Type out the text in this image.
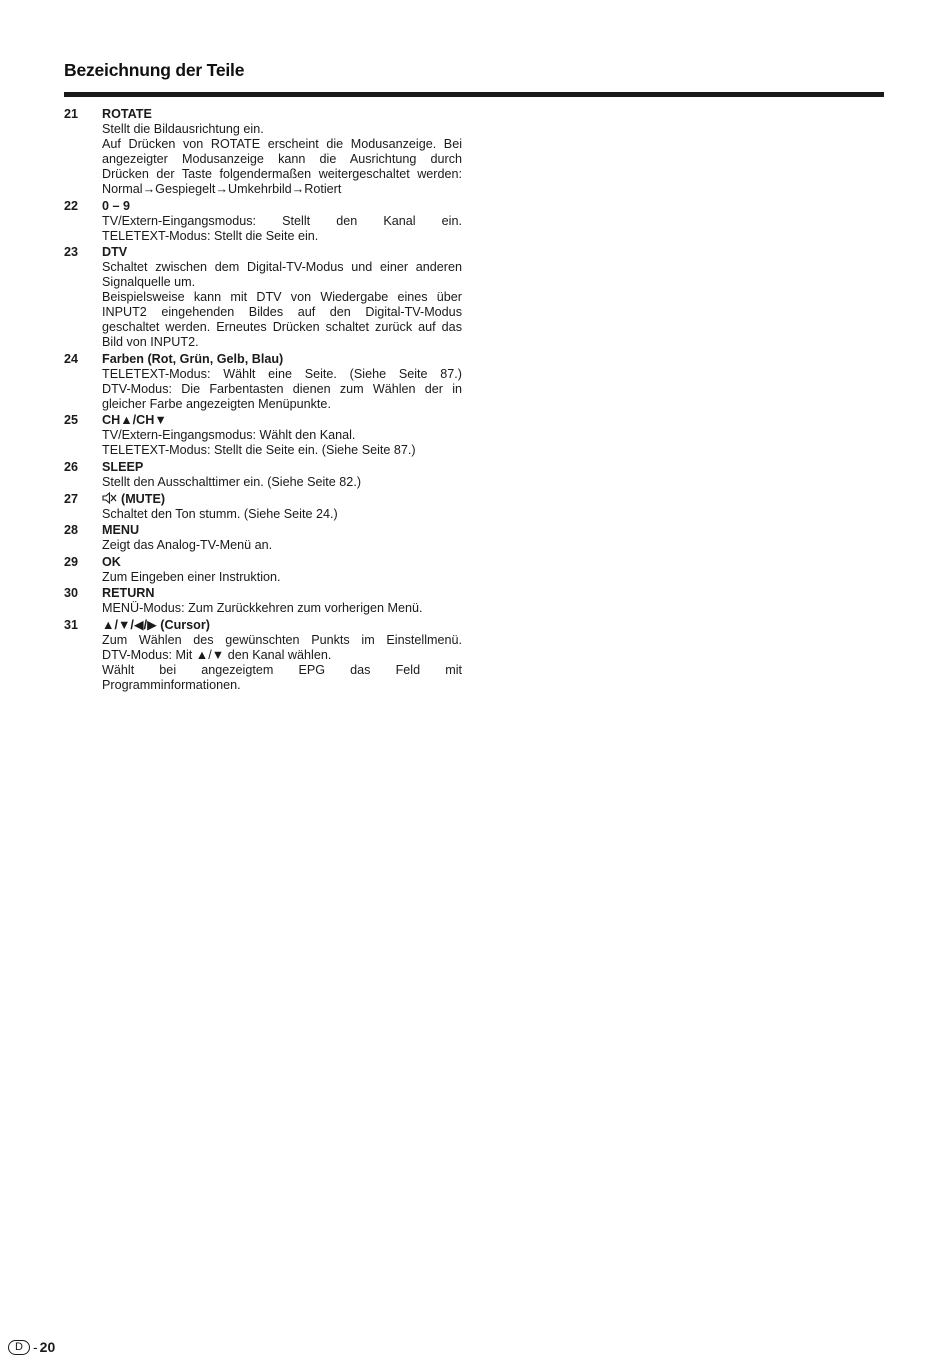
Bezeichnung der Teile
21 ROTATE
Stellt die Bildausrichtung ein.
Auf Drücken von ROTATE erscheint die Modusanzeige. Bei
angezeigter Modusanzeige kann die Ausrichtung durch
Drücken der Taste folgendermaßen weitergeschaltet werden:
Normal→Gespiegelt→Umkehrbild→Rotiert
22 0 – 9
TV/Extern-Eingangsmodus: Stellt den Kanal ein.
TELETEXT-Modus: Stellt die Seite ein.
23 DTV
Schaltet zwischen dem Digital-TV-Modus und einer anderen
Signalquelle um.
Beispielsweise kann mit DTV von Wiedergabe eines über
INPUT2 eingehenden Bildes auf den Digital-TV-Modus
geschaltet werden. Erneutes Drücken schaltet zurück auf das
Bild von INPUT2.
24 Farben (Rot, Grün, Gelb, Blau)
TELETEXT-Modus: Wählt eine Seite. (Siehe Seite 87.)
DTV-Modus: Die Farbentasten dienen zum Wählen der in
gleicher Farbe angezeigten Menüpunkte.
25 CH▲/CH▼
TV/Extern-Eingangsmodus: Wählt den Kanal.
TELETEXT-Modus: Stellt die Seite ein. (Siehe Seite 87.)
26 SLEEP
Stellt den Ausschalttimer ein. (Siehe Seite 82.)
27	(MUTE)
Schaltet den Ton stumm. (Siehe Seite 24.)
28 MENU
Zeigt das Analog-TV-Menü an.
29 OK
Zum Eingeben einer Instruktion.
30 RETURN
MENÜ-Modus: Zum Zurückkehren zum vorherigen Menü.
31 ▲/▼/◀/▶ (Cursor)
Zum Wählen des gewünschten Punkts im Einstellmenü.
DTV-Modus: Mit ▲/▼ den Kanal wählen.
Wählt bei angezeigtem EPG das Feld mit
Programminformationen.
D - 20
